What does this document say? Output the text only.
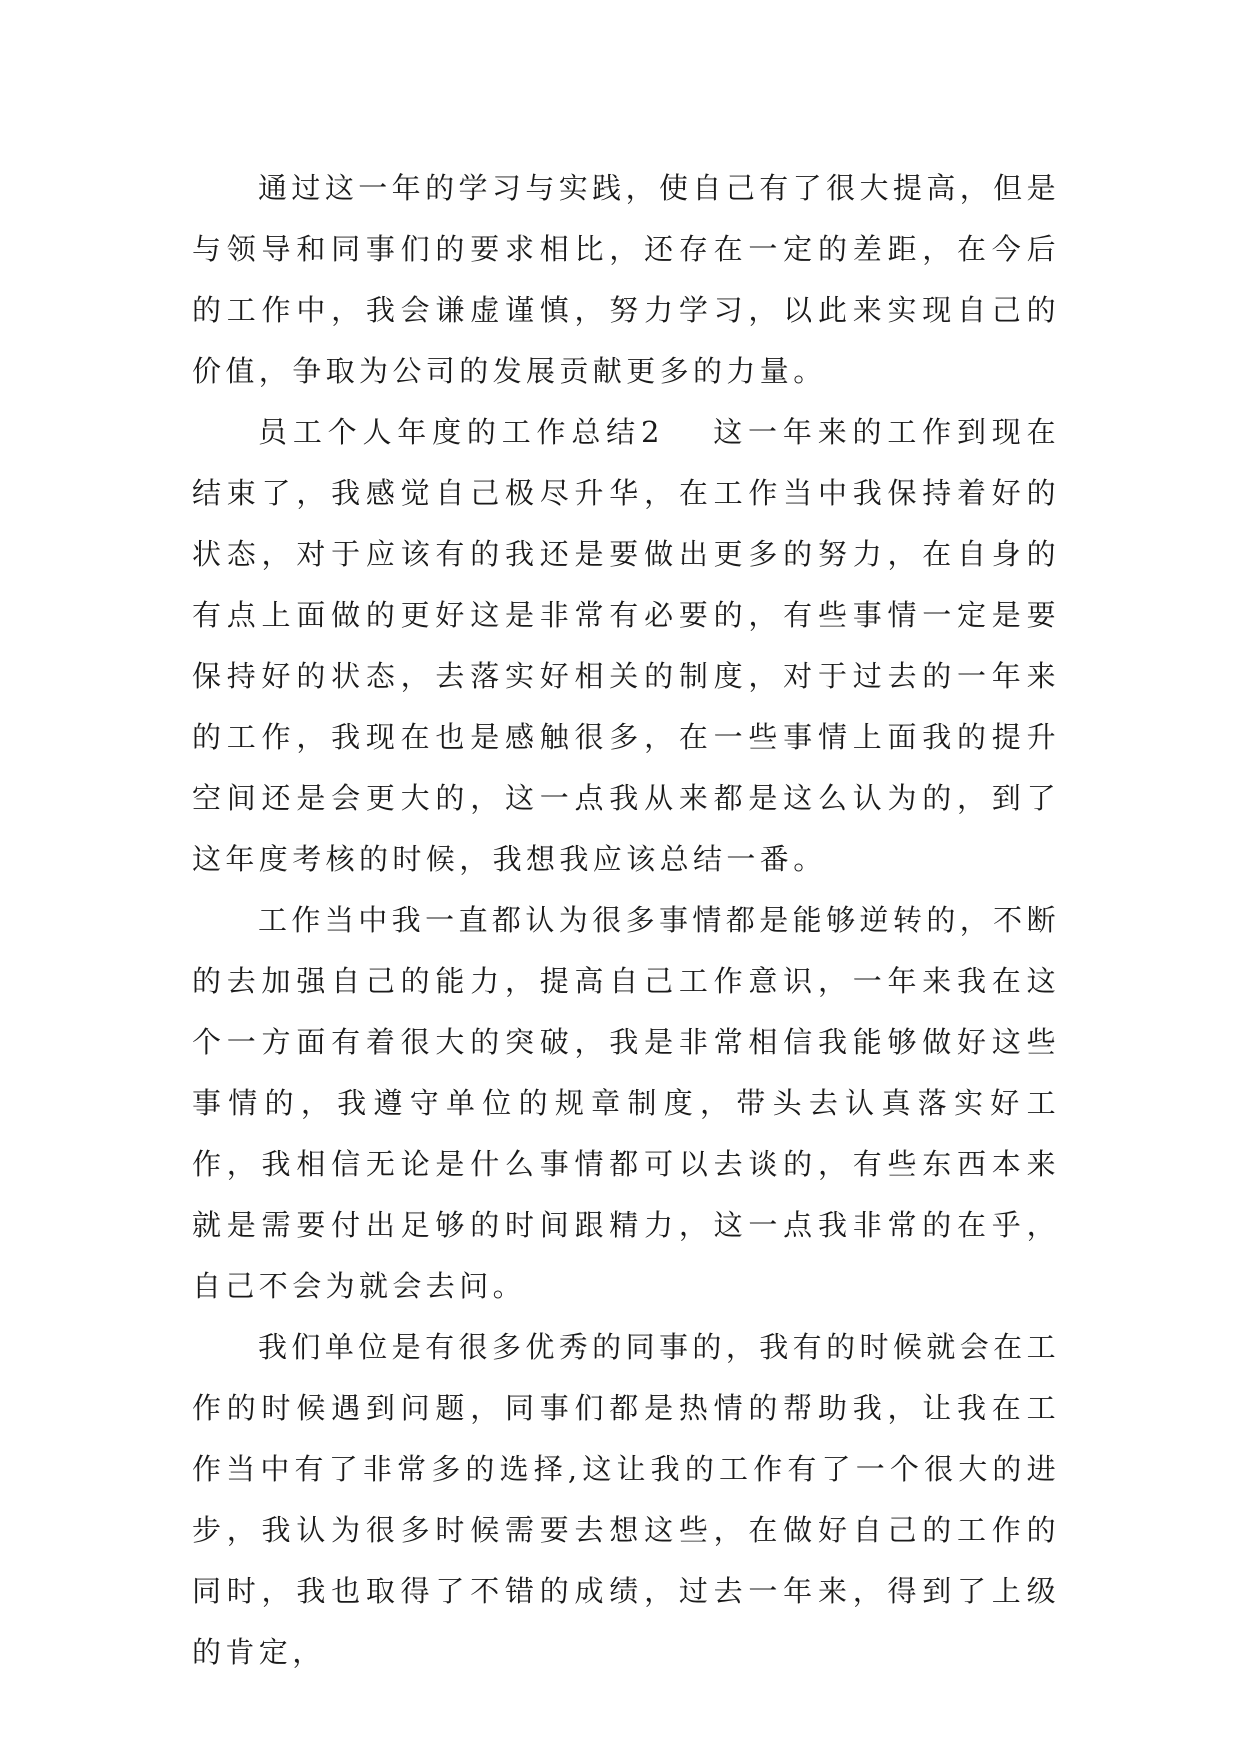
通过这一年的学习与实践，使自己有了很大提高，但是与领导和同事们的要求相比，还存在一定的差距，在今后的工作中，我会谦虚谨慎，努力学习，以此来实现自己的价值，争取为公司的发展贡献更多的力量。

员工个人年度的工作总结2 这一年来的工作到现在结束了，我感觉自己极尽升华，在工作当中我保持着好的状态，对于应该有的我还是要做出更多的努力，在自身的有点上面做的更好这是非常有必要的，有些事情一定是要保持好的状态，去落实好相关的制度，对于过去的一年来的工作，我现在也是感触很多，在一些事情上面我的提升空间还是会更大的，这一点我从来都是这么认为的，到了这年度考核的时候，我想我应该总结一番。

工作当中我一直都认为很多事情都是能够逆转的，不断的去加强自己的能力，提高自己工作意识，一年来我在这个一方面有着很大的突破，我是非常相信我能够做好这些事情的，我遵守单位的规章制度，带头去认真落实好工作，我相信无论是什么事情都可以去谈的，有些东西本来就是需要付出足够的时间跟精力，这一点我非常的在乎，自己不会为就会去问。

我们单位是有很多优秀的同事的，我有的时候就会在工作的时候遇到问题，同事们都是热情的帮助我，让我在工作当中有了非常多的选择,这让我的工作有了一个很大的进步，我认为很多时候需要去想这些，在做好自己的工作的同时，我也取得了不错的成绩，过去一年来，得到了上级的肯定，
